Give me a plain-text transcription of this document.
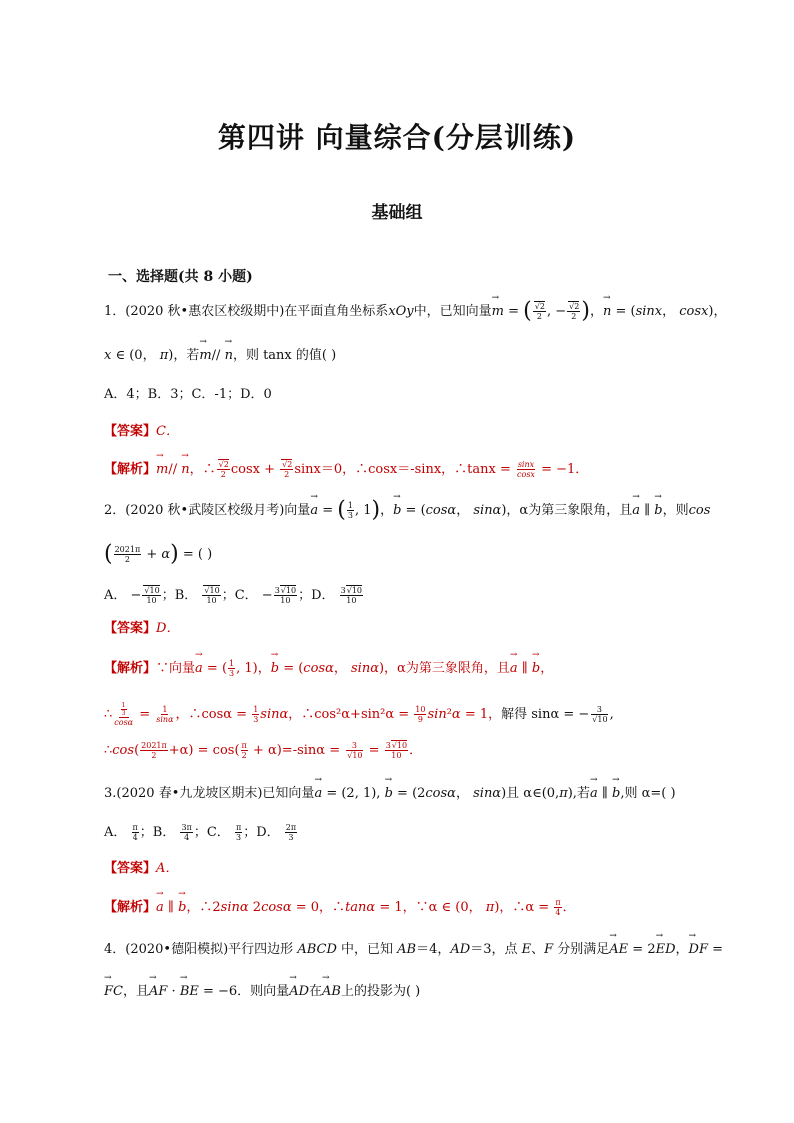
第四讲 向量综合(分层训练)
基础组
一、选择题(共 8 小题)
1．(2020 秋•惠农区校级期中)在平面直角坐标系xOy中，已知向量→ m = ( √ $\frac{2}{2}$ , − √ $\frac{2}{2}$ )，→ n = (sinx， cosx)，
x ∈ (0， π)，若→ m// → n，则 tanx 的值( )
A．4；B．3；C．-1；D．0
【答案】C．
【解析】→ m// → n，∴ √ $\frac{2}{2}$ cosx + √ $\frac{2}{2} \sin x=0$，∴cosx＝-sinx，∴tanx = $\frac{\sin x}{\cos x} = -1$．
2．(2020 秋•武陵区校级月考)向量→ a = ( $\frac{1}{3}$ , 1)，→ b = (cosα， sinα)，α为第三象限角，且→ a ∥ → b，则cos
( $\frac{2021\pi}{2} + \alpha$) = ( )
A． − √ $\frac{10}{10}$ ；B． √ $\frac{10}{10}$ ；C． − $\frac{3 √ 10}{10}$ ；D． $\frac{3 √ 10}{10}$
【答案】D．
【解析】∵向量→ a = ( $\frac{1}{3}$ , 1)，→ b = (cosα， sinα)，α为第三象限角，且→ a ∥ → b，
∴ $\frac{\frac{1}{3}}{\cos\alpha} = \frac{1}{\sin\alpha}$ ，∴cosα = $\frac{1}{3}$ sinα，∴cos²α+sin²α = $\frac{10}{9} \sin^2\alpha = 1$，解得 sinα = − 3
√ 10 ,
∴cos( $\frac{2021\pi}{2} +\alpha) = \cos( \frac{\pi}{2} + \alpha)=-\sin\alpha = 3$
√ $10 = \frac{3 √ 10}{10}$ ．
3.(2020 春•九龙坡区期末)已知向量→ a = (2, 1), → b = (2cosα， sinα)且 α∈(0,π),若→ a ∥ → b,则 α=( )
A． $\frac{\pi}{4}$ ；B． $\frac{3\pi}{4}$ ；C． $\frac{\pi}{3}$ ；D． $\frac{2\pi}{3}$
【答案】A．
【解析】→ a ∥ → b，∴2sinα 2cosα = 0，∴tanα = 1，∵α ∈ (0， π)，∴α = $\frac{\pi}{4}$ ．
4．(2020•德阳模拟)平行四边形 ABCD 中，已知 AB＝4，AD＝3，点 E、F 分别满足→ AE = 2→ ED，→ DF =
→ FC，且→ AF · → BE = −6．则向量→ AD在→ AB上的投影为( )
